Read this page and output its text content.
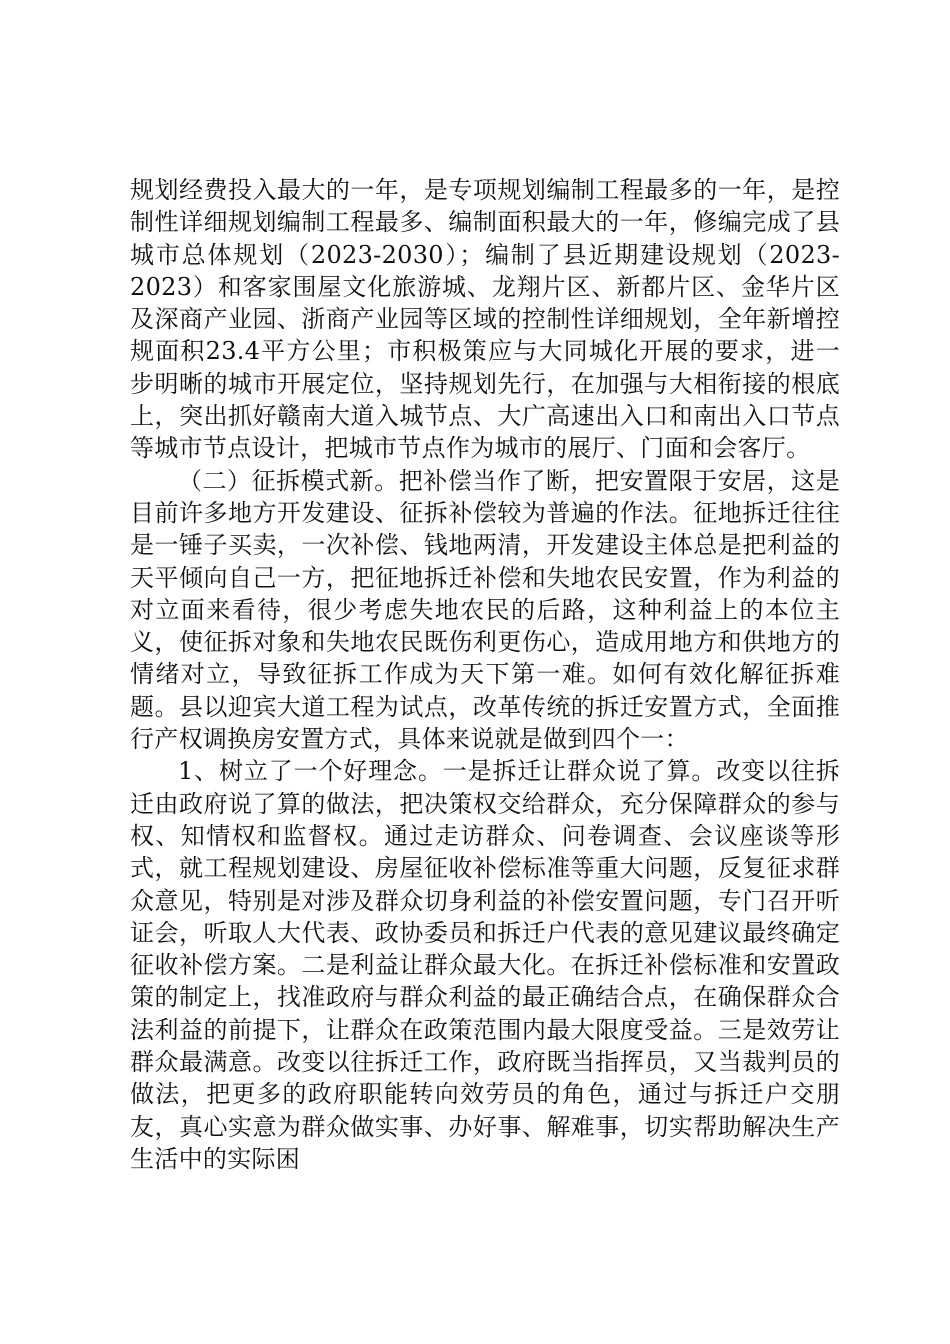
规划经费投入最大的一年，是专项规划编制工程最多的一年，是控制性详细规划编制工程最多、编制面积最大的一年，修编完成了县城市总体规划（2023-2030）；编制了县近期建设规划（2023-2023）和客家围屋文化旅游城、龙翔片区、新都片区、金华片区及深商产业园、浙商产业园等区域的控制性详细规划，全年新增控规面积23.4平方公里；市积极策应与大同城化开展的要求，进一步明晰的城市开展定位，坚持规划先行，在加强与大相衔接的根底上，突出抓好赣南大道入城节点、大广高速出入口和南出入口节点等城市节点设计，把城市节点作为城市的展厅、门面和会客厅。

（二）征拆模式新。把补偿当作了断，把安置限于安居，这是目前许多地方开发建设、征拆补偿较为普遍的作法。征地拆迁往往是一锤子买卖，一次补偿、钱地两清，开发建设主体总是把利益的天平倾向自己一方，把征地拆迁补偿和失地农民安置，作为利益的对立面来看待，很少考虑失地农民的后路，这种利益上的本位主义，使征拆对象和失地农民既伤利更伤心，造成用地方和供地方的情绪对立，导致征拆工作成为天下第一难。如何有效化解征拆难题。县以迎宾大道工程为试点，改革传统的拆迁安置方式，全面推行产权调换房安置方式，具体来说就是做到四个一：

1、树立了一个好理念。一是拆迁让群众说了算。改变以往拆迁由政府说了算的做法，把决策权交给群众，充分保障群众的参与权、知情权和监督权。通过走访群众、问卷调查、会议座谈等形式，就工程规划建设、房屋征收补偿标准等重大问题，反复征求群众意见，特别是对涉及群众切身利益的补偿安置问题，专门召开听证会，听取人大代表、政协委员和拆迁户代表的意见建议最终确定征收补偿方案。二是利益让群众最大化。在拆迁补偿标准和安置政策的制定上，找准政府与群众利益的最正确结合点，在确保群众合法利益的前提下，让群众在政策范围内最大限度受益。三是效劳让群众最满意。改变以往拆迁工作，政府既当指挥员，又当裁判员的做法，把更多的政府职能转向效劳员的角色，通过与拆迁户交朋友，真心实意为群众做实事、办好事、解难事，切实帮助解决生产生活中的实际困
